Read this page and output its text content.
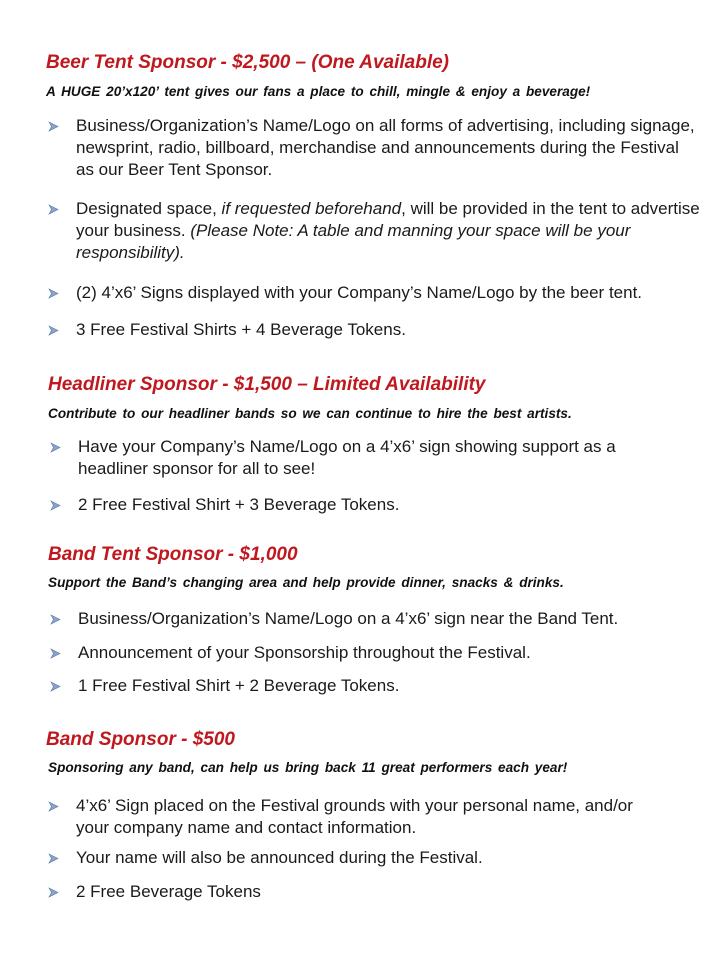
Beer Tent Sponsor - $2,500 – (One Available)
A HUGE 20’x120’ tent gives our fans a place to chill, mingle & enjoy a beverage!
Business/Organization’s Name/Logo on all forms of advertising, including signage, newsprint, radio, billboard, merchandise and announcements during the Festival as our Beer Tent Sponsor.
Designated space, if requested beforehand, will be provided in the tent to advertise your business. (Please Note: A table and manning your space will be your responsibility).
(2) 4’x6’ Signs displayed with your Company’s Name/Logo by the beer tent.
3 Free Festival Shirts + 4 Beverage Tokens.
Headliner Sponsor - $1,500 – Limited Availability
Contribute to our headliner bands so we can continue to hire the best artists.
Have your Company’s Name/Logo on a 4’x6’ sign showing support as a headliner sponsor for all to see!
2 Free Festival Shirt + 3 Beverage Tokens.
Band Tent Sponsor - $1,000
Support the Band’s changing area and help provide dinner, snacks & drinks.
Business/Organization’s Name/Logo on a 4’x6’ sign near the Band Tent.
Announcement of your Sponsorship throughout the Festival.
1 Free Festival Shirt + 2 Beverage Tokens.
Band Sponsor - $500
Sponsoring any band, can help us bring back 11 great performers each year!
4’x6’ Sign placed on the Festival grounds with your personal name, and/or your company name and contact information.
Your name will also be announced during the Festival.
2 Free Beverage Tokens
